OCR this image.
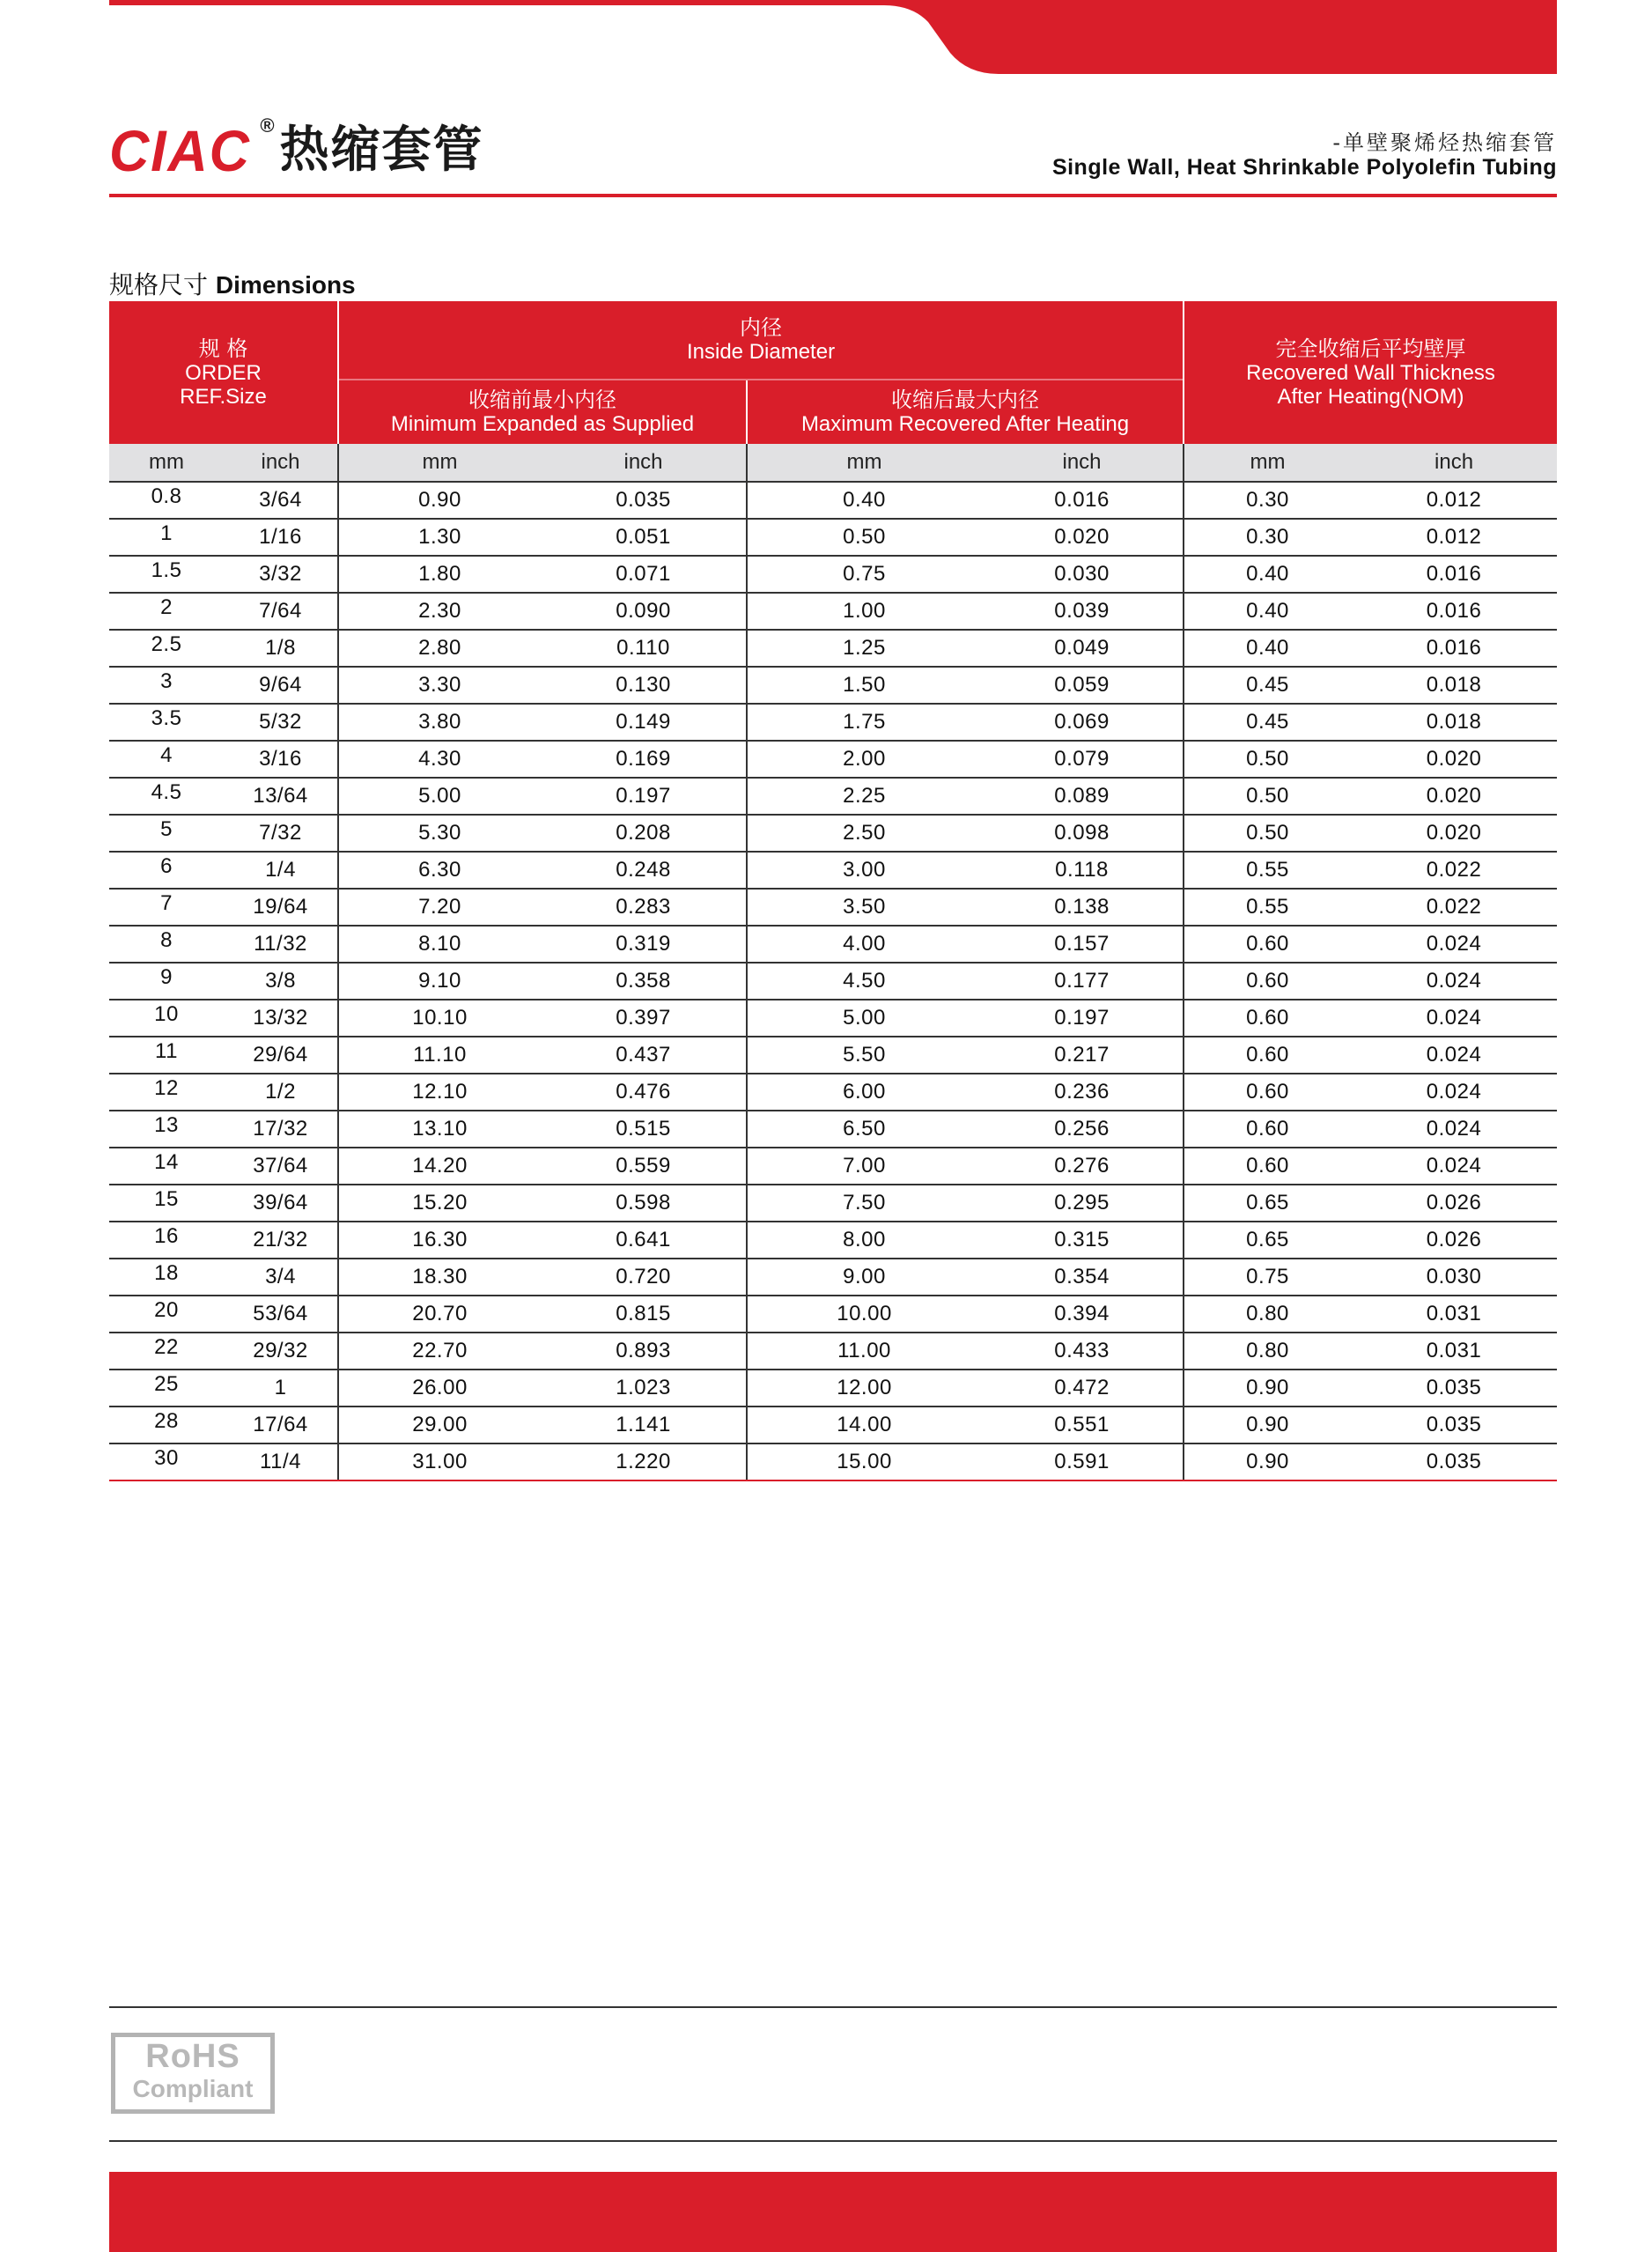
CIAC ® 热缩套管	-单壁聚烯烃热缩套管
Single Wall, Heat Shrinkable Polyolefin Tubing
规格尺寸 Dimensions
规 格
ORDER
REF.Size		内径
Inside Diameter				完全收缩后平均壁厚
Recovered Wall Thickness
After Heating(NOM)	

		收缩前最小内径
Minimum Expanded as Supplied		收缩后最大内径
Maximum Recovered After Heating			

mm	inch	mm	inch	mm	inch	mm	inch
0.8	3/64	0.90	0.035	0.40	0.016	0.30	0.012
1	1/16	1.30	0.051	0.50	0.020	0.30	0.012
1.5	3/32	1.80	0.071	0.75	0.030	0.40	0.016
2	7/64	2.30	0.090	1.00	0.039	0.40	0.016
2.5	1/8	2.80	0.110	1.25	0.049	0.40	0.016
3	9/64	3.30	0.130	1.50	0.059	0.45	0.018
3.5	5/32	3.80	0.149	1.75	0.069	0.45	0.018
4	3/16	4.30	0.169	2.00	0.079	0.50	0.020
4.5	13/64	5.00	0.197	2.25	0.089	0.50	0.020
5	7/32	5.30	0.208	2.50	0.098	0.50	0.020
6	1/4	6.30	0.248	3.00	0.118	0.55	0.022
7	19/64	7.20	0.283	3.50	0.138	0.55	0.022
8	11/32	8.10	0.319	4.00	0.157	0.60	0.024
9	3/8	9.10	0.358	4.50	0.177	0.60	0.024
10	13/32	10.10	0.397	5.00	0.197	0.60	0.024
11	29/64	11.10	0.437	5.50	0.217	0.60	0.024
12	1/2	12.10	0.476	6.00	0.236	0.60	0.024
13	17/32	13.10	0.515	6.50	0.256	0.60	0.024
14	37/64	14.20	0.559	7.00	0.276	0.60	0.024
15	39/64	15.20	0.598	7.50	0.295	0.65	0.026
16	21/32	16.30	0.641	8.00	0.315	0.65	0.026
18	3/4	18.30	0.720	9.00	0.354	0.75	0.030
20	53/64	20.70	0.815	10.00	0.394	0.80	0.031
22	29/32	22.70	0.893	11.00	0.433	0.80	0.031
25	1	26.00	1.023	12.00	0.472	0.90	0.035
28	17/64	29.00	1.141	14.00	0.551	0.90	0.035
30	11/4	31.00	1.220	15.00	0.591	0.90	0.035
RoHS
Compliant
